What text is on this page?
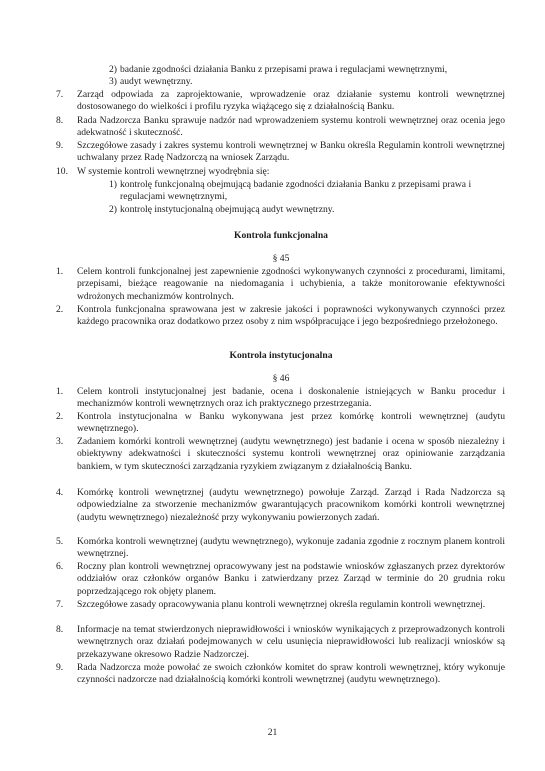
2) badanie zgodności działania Banku z przepisami prawa i regulacjami wewnętrznymi,
3) audyt wewnętrzny.
7.	Zarząd odpowiada za zaprojektowanie, wprowadzenie oraz działanie systemu kontroli wewnętrznej dostosowanego do wielkości i profilu ryzyka wiążącego się z działalnością Banku.
8.	Rada Nadzorcza Banku sprawuje nadzór nad wprowadzeniem systemu kontroli wewnętrznej oraz ocenia jego adekwatność i skuteczność.
9.	Szczegółowe zasady i zakres systemu kontroli wewnętrznej w Banku określa Regulamin kontroli wewnętrznej uchwalany przez Radę Nadzorczą na wniosek Zarządu.
10. W systemie kontroli wewnętrznej wyodrębnia się:
1) kontrolę funkcjonalną obejmującą badanie zgodności działania Banku z przepisami prawa i regulacjami wewnętrznymi,
2) kontrolę instytucjonalną obejmującą audyt wewnętrzny.
Kontrola funkcjonalna
§ 45
1.	Celem kontroli funkcjonalnej jest zapewnienie zgodności wykonywanych czynności z procedurami, limitami, przepisami, bieżące reagowanie na niedomagania i uchybienia, a także monitorowanie efektywności wdrożonych mechanizmów kontrolnych.
2.	Kontrola funkcjonalna sprawowana jest w zakresie jakości i poprawności wykonywanych czynności przez każdego pracownika oraz dodatkowo przez osoby z nim współpracujące i jego bezpośredniego przełożonego.
Kontrola instytucjonalna
§ 46
1.	Celem kontroli instytucjonalnej jest badanie, ocena i doskonalenie istniejących w Banku procedur i mechanizmów kontroli wewnętrznych oraz ich praktycznego przestrzegania.
2.	Kontrola instytucjonalna w Banku wykonywana jest przez komórkę kontroli wewnętrznej (audytu wewnętrznego).
3.	Zadaniem komórki kontroli wewnętrznej (audytu wewnętrznego) jest badanie i ocena w sposób niezależny i obiektywny adekwatności i skuteczności systemu kontroli wewnętrznej oraz opiniowanie zarządzania bankiem, w tym skuteczności zarządzania ryzykiem związanym z działalnością Banku.
4.	Komórkę kontroli wewnętrznej (audytu wewnętrznego) powołuje Zarząd. Zarząd i Rada Nadzorcza są odpowiedzialne za stworzenie mechanizmów gwarantujących pracownikom komórki kontroli wewnętrznej (audytu wewnętrznego) niezależność przy wykonywaniu powierzonych zadań.
5.	Komórka kontroli wewnętrznej (audytu wewnętrznego), wykonuje zadania zgodnie z rocznym planem kontroli wewnętrznej.
6.	Roczny plan kontroli wewnętrznej opracowywany jest na podstawie wniosków zgłaszanych przez dyrektorów oddziałów oraz członków organów Banku i zatwierdzany przez Zarząd w terminie do 20 grudnia roku poprzedzającego rok objęty planem.
7.	Szczegółowe zasady opracowywania planu kontroli wewnętrznej określa regulamin kontroli wewnętrznej.
8.	Informacje na temat stwierdzonych nieprawidłowości i wniosków wynikających z przeprowadzonych kontroli wewnętrznych oraz działań podejmowanych w celu usunięcia nieprawidłowości lub realizacji wniosków są przekazywane okresowo Radzie Nadzorczej.
9.	Rada Nadzorcza może powołać ze swoich członków komitet do spraw kontroli wewnętrznej, który wykonuje czynności nadzorcze nad działalnością komórki kontroli wewnętrznej (audytu wewnętrznego).
21
